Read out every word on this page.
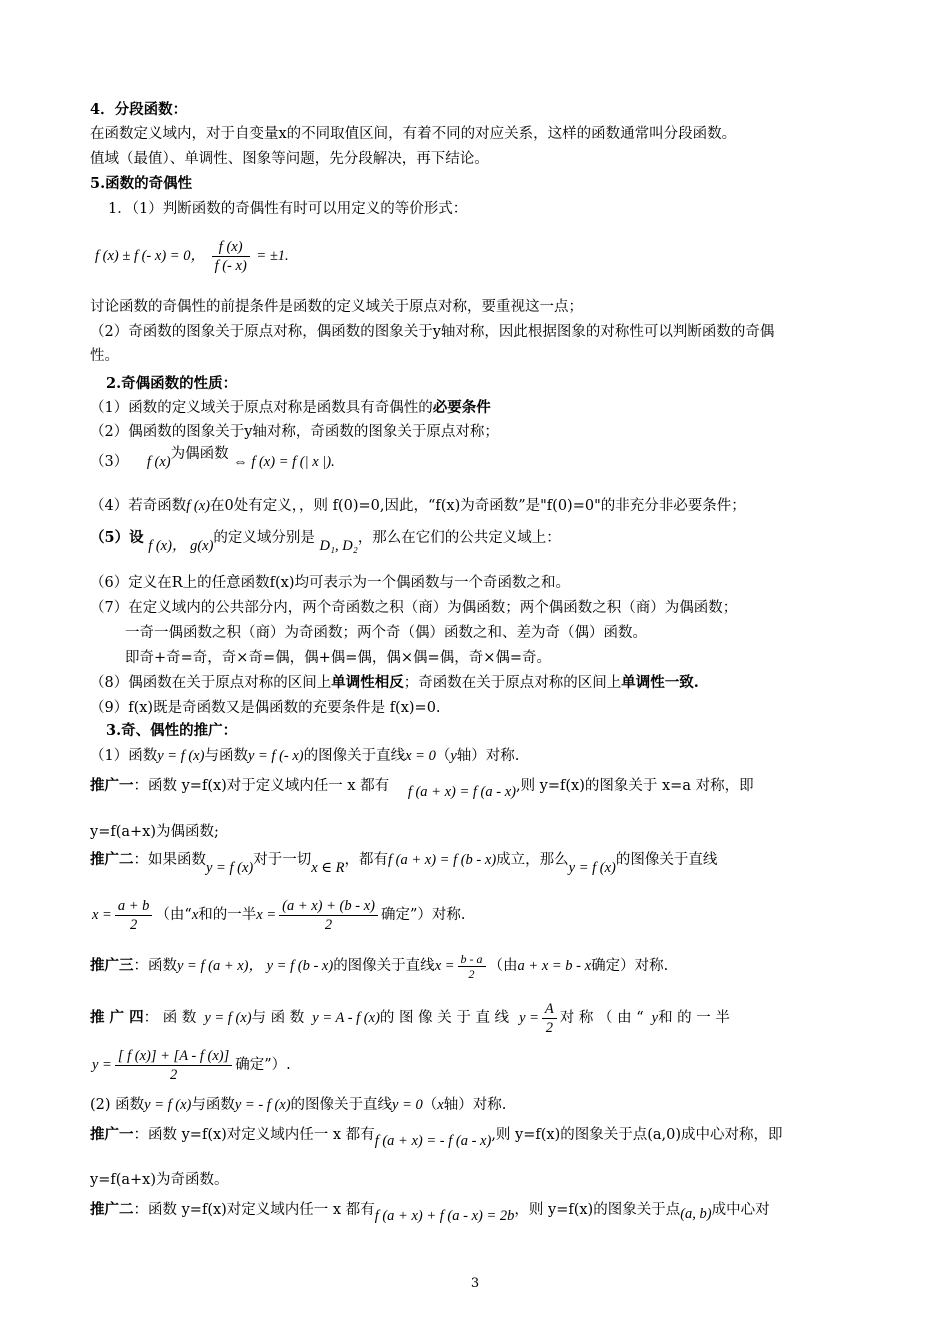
4．分段函数：
在函数定义域内，对于自变量x的不同取值区间，有着不同的对应关系，这样的函数通常叫分段函数。
值域（最值）、单调性、图象等问题，先分段解决，再下结论。
5.函数的奇偶性
1．（1）判断函数的奇偶性有时可以用定义的等价形式：
f (x) ± f (- x) = 0， $\frac{f (x)}{f (- x)} = \pm 1$.
讨论函数的奇偶性的前提条件是函数的定义域关于原点对称，要重视这一点；
（2）奇函数的图象关于原点对称，偶函数的图象关于y轴对称，因此根据图象的对称性可以判断函数的奇偶
性。
2.奇偶函数的性质：
（1）函数的定义域关于原点对称是函数具有奇偶性的必要条件
（2）偶函数的图象关于y轴对称，奇函数的图象关于原点对称；
（3） f (x)为偶函数 ⇔ f (x) = f (| x |).
（4）若奇函数f (x)在0处有定义，，则 f(0)=0,因此，“f(x)为奇函数”是"f(0)=0"的非充分非必要条件；
（5）设 f (x)， g(x)的定义域分别是 D₁, D₂，那么在它们的公共定义域上：
（6）定义在R上的任意函数f(x)均可表示为一个偶函数与一个奇函数之和。
（7）在定义域内的公共部分内，两个奇函数之积（商）为偶函数；两个偶函数之积（商）为偶函数；
一奇一偶函数之积（商）为奇函数；两个奇（偶）函数之和、差为奇（偶）函数。
即奇+奇=奇，奇×奇=偶，偶+偶=偶，偶×偶=偶，奇×偶=奇。
（8）偶函数在关于原点对称的区间上单调性相反；奇函数在关于原点对称的区间上单调性一致.
（9）f(x)既是奇函数又是偶函数的充要条件是 f(x)=0.
3.奇、偶性的推广：
（1）函数y = f (x)与函数y = f (- x)的图像关于直线x = 0（y轴）对称.
推广一：函数 y=f(x)对于定义域内任一 x 都有 f (a + x) = f (a - x),则 y=f(x)的图象关于 x=a 对称，即
y=f(a+x)为偶函数;
推广二：如果函数y = f (x)对于一切x ∈ R，都有f (a + x) = f (b - x)成立，那么y = f (x)的图像关于直线
$x = \frac{a + b}{2}$ （由“x和的一半$x = \frac{(a + x) + (b - x)}{2}$ 确定”）对称.
推广三：函数y = f (a + x)， y = f (b - x)的图像关于直线$x = \frac{b - a}{2}$ （由a + x = b - x确定）对称.
推 广 四： 函 数 y = f (x)与 函 数 y = A - f (x)的 图 像 关 于 直 线 $y = \frac{A}{2}$ 对 称 （ 由 “ y和 的 一 半
$y = \frac{[ f (x)] + [A - f (x)]}{2}$ 确定”）.
(2) 函数y = f (x)与函数y = - f (x)的图像关于直线y = 0（x轴）对称.
推广一：函数 y=f(x)对定义域内任一 x 都有f (a + x) = - f (a - x),则 y=f(x)的图象关于点(a,0)成中心对称，即
y=f(a+x)为奇函数。
推广二：函数 y=f(x)对定义域内任一 x 都有f (a + x) + f (a - x) = 2b，则 y=f(x)的图象关于点(a, b)成中心对
3
